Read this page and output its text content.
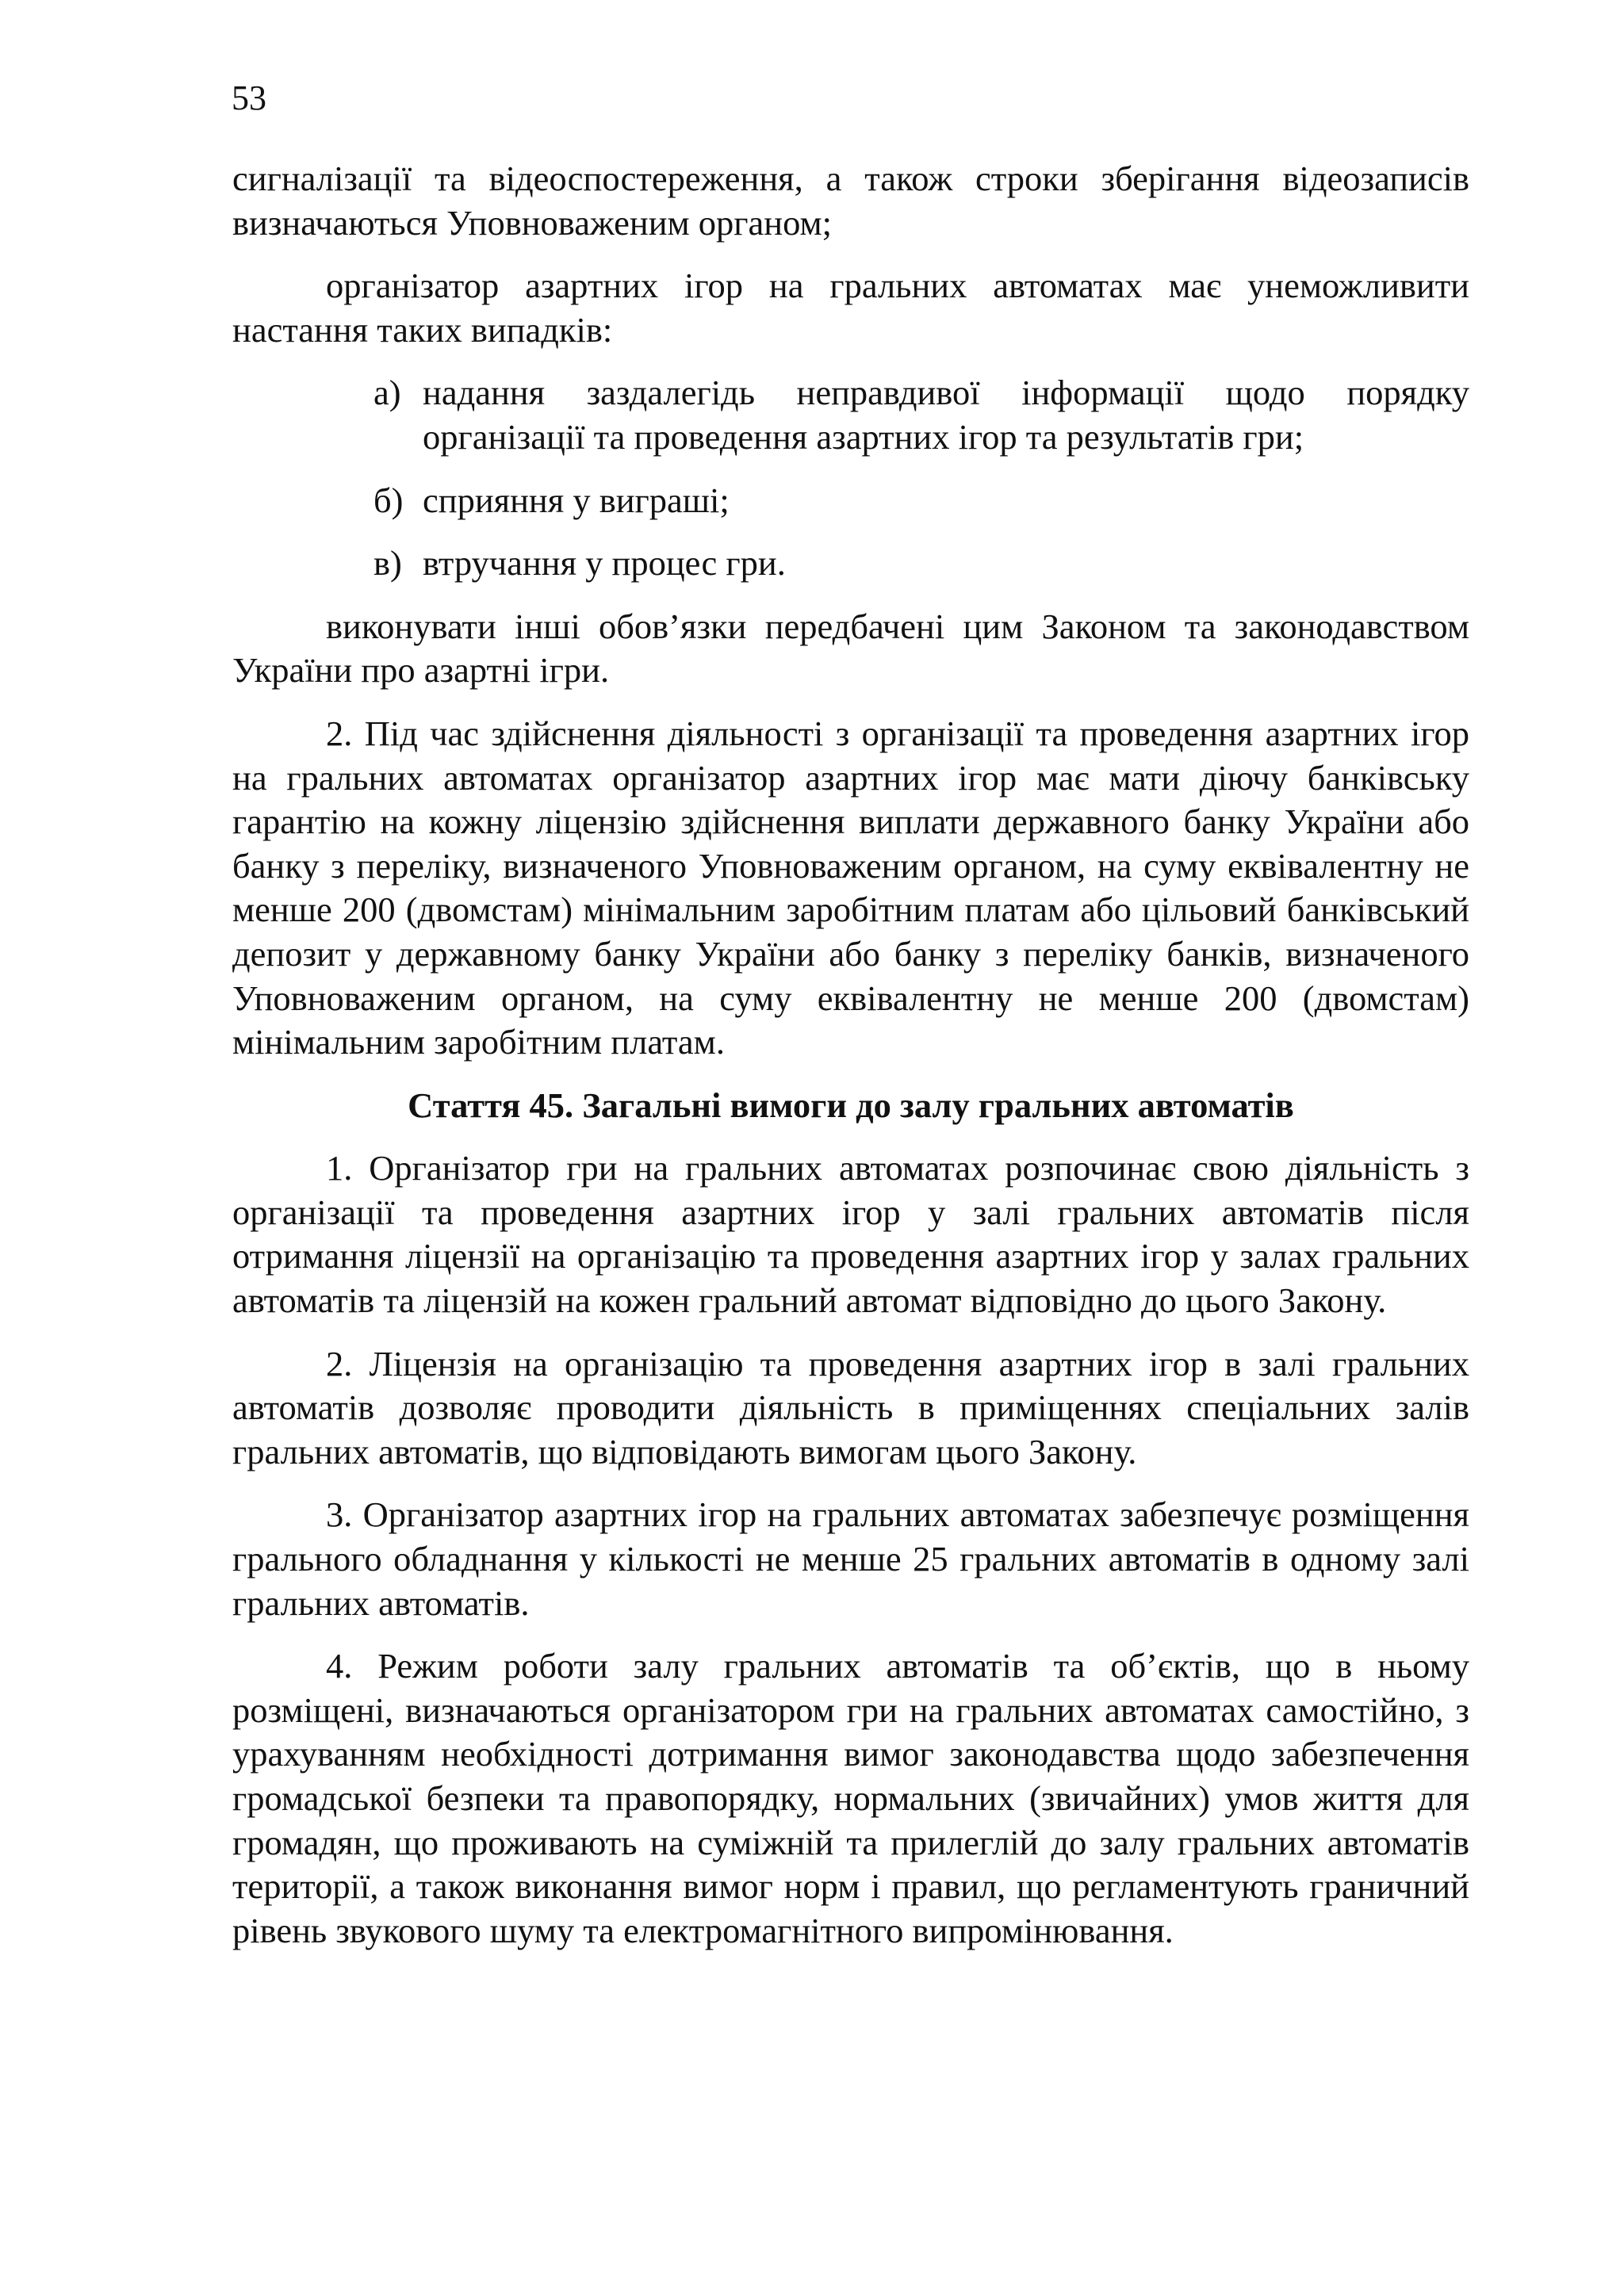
53

сигналізації та відеоспостереження, а також строки зберігання відеозаписів визначаються Уповноваженим органом;

організатор азартних ігор на гральних автоматах має унеможливити настання таких випадків:

а) надання заздалегідь неправдивої інформації щодо порядку організації та проведення азартних ігор та результатів гри;
б) сприяння у виграші;
в) втручання у процес гри.

виконувати інші обов’язки передбачені цим Законом та законодавством України про азартні ігри.

2. Під час здійснення діяльності з організації та проведення азартних ігор на гральних автоматах організатор азартних ігор має мати діючу банківську гарантію на кожну ліцензію здійснення виплати державного банку України або банку з переліку, визначеного Уповноваженим органом, на суму еквівалентну не менше 200 (двомстам) мінімальним заробітним платам або цільовий банківський депозит у державному банку України або банку з переліку банків, визначеного Уповноваженим органом, на суму еквівалентну не менше 200 (двомстам) мінімальним заробітним платам.

Стаття 45. Загальні вимоги до залу гральних автоматів

1. Організатор гри на гральних автоматах розпочинає свою діяльність з організації та проведення азартних ігор у залі гральних автоматів після отримання ліцензії на організацію та проведення азартних ігор у залах гральних автоматів та ліцензій на кожен гральний автомат відповідно до цього Закону.

2. Ліцензія на організацію та проведення азартних ігор в залі гральних автоматів дозволяє проводити діяльність в приміщеннях спеціальних залів гральних автоматів, що відповідають вимогам цього Закону.

3. Організатор азартних ігор на гральних автоматах забезпечує розміщення грального обладнання у кількості не менше 25 гральних автоматів в одному залі гральних автоматів.

4. Режим роботи залу гральних автоматів та об’єктів, що в ньому розміщені, визначаються організатором гри на гральних автоматах самостійно, з урахуванням необхідності дотримання вимог законодавства щодо забезпечення громадської безпеки та правопорядку, нормальних (звичайних) умов життя для громадян, що проживають на суміжній та прилеглій до залу гральних автоматів території, а також виконання вимог норм і правил, що регламентують граничний рівень звукового шуму та електромагнітного випромінювання.
